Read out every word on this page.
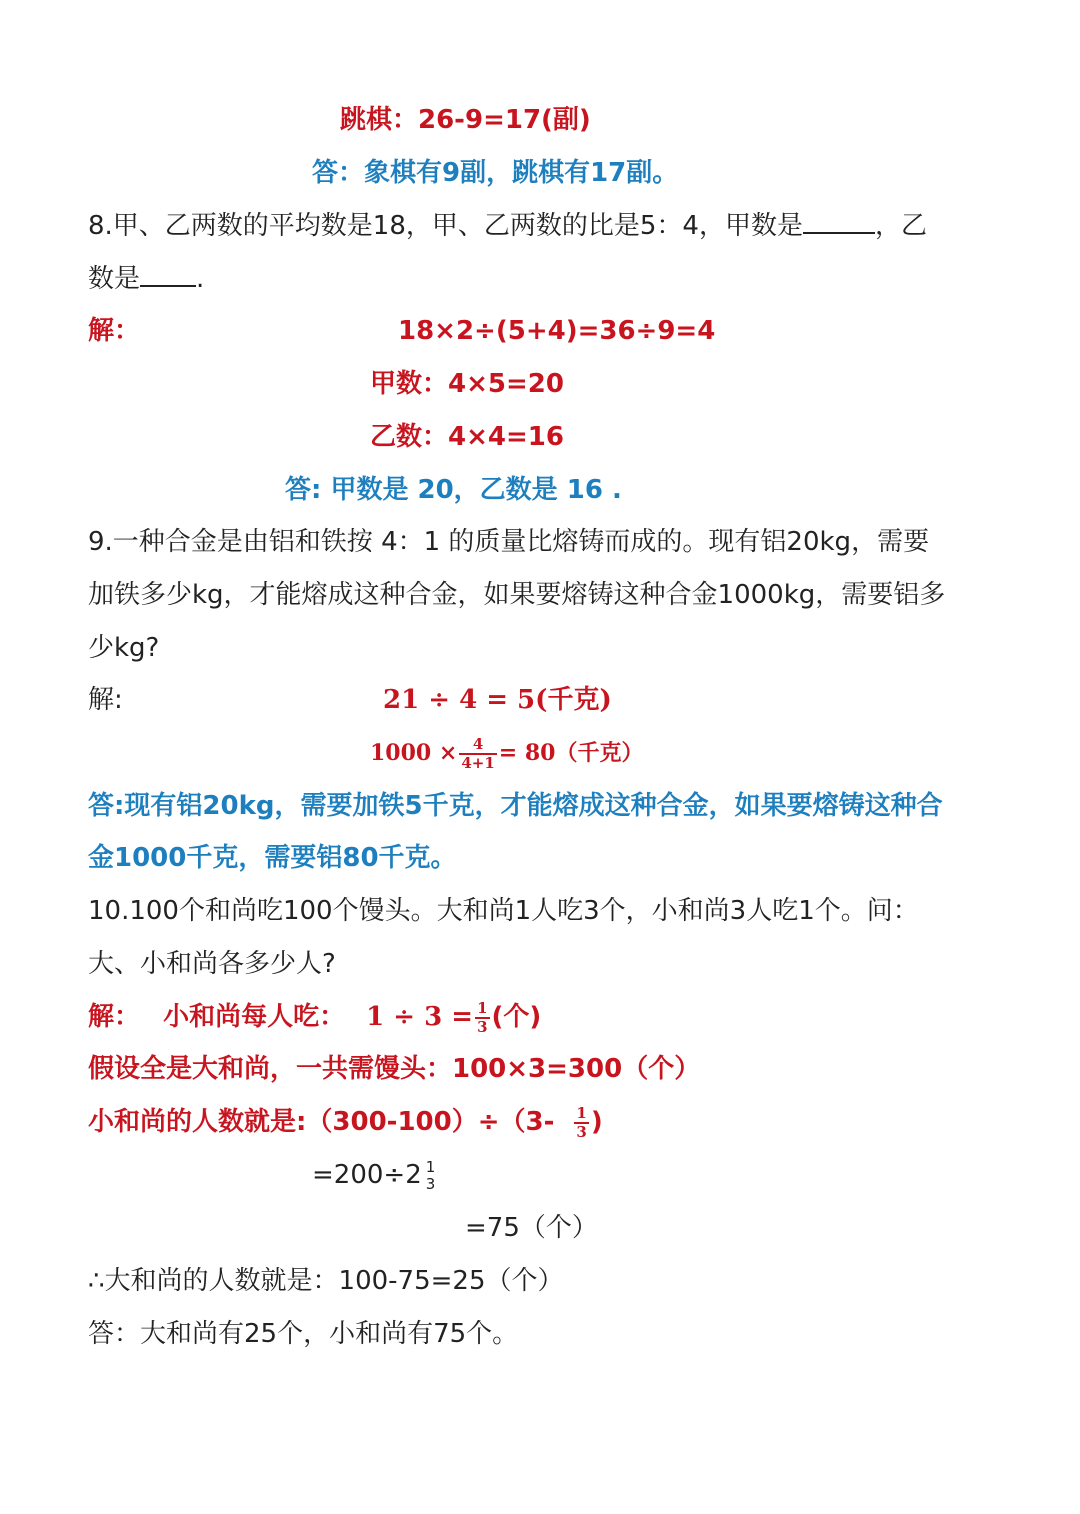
跳棋：26-9=17(副)
答：象棋有9副，跳棋有17副。
8.甲、乙两数的平均数是18，甲、乙两数的比是5：4，甲数是	，乙
数是 .
解：	18×2÷(5+4)=36÷9=4
甲数：4×5=20
乙数：4×4=16
答: 甲数是 20，乙数是 16 .
9.一种合金是由铝和铁按 4：1 的质量比熔铸而成的。现有铝20kg，需要
加铁多少kg，才能熔成这种合金，如果要熔铸这种合金1000kg，需要铝多
少kg?
解:	21 ÷ 4 = 5(千克)
$1000 \times \frac{4}{4+1} = 80$（千克）
答:现有铝20kg，需要加铁5千克，才能熔成这种合金，如果要熔铸这种合
金1000千克，需要铝80千克。
10.100个和尚吃100个馒头。大和尚1人吃3个，小和尚3人吃1个。问：
大、小和尚各多少人?
解： 小和尚每人吃： $1 \div 3 = \frac{1}{3}$ (个)
假设全是大和尚，一共需馒头：100×3=300（个）
小和尚的人数就是:（300-100）÷（3- $\frac{1}{3}$ )
=200÷2 1
3
=75（个）
∴大和尚的人数就是：100-75=25（个）
答：大和尚有25个，小和尚有75个。
